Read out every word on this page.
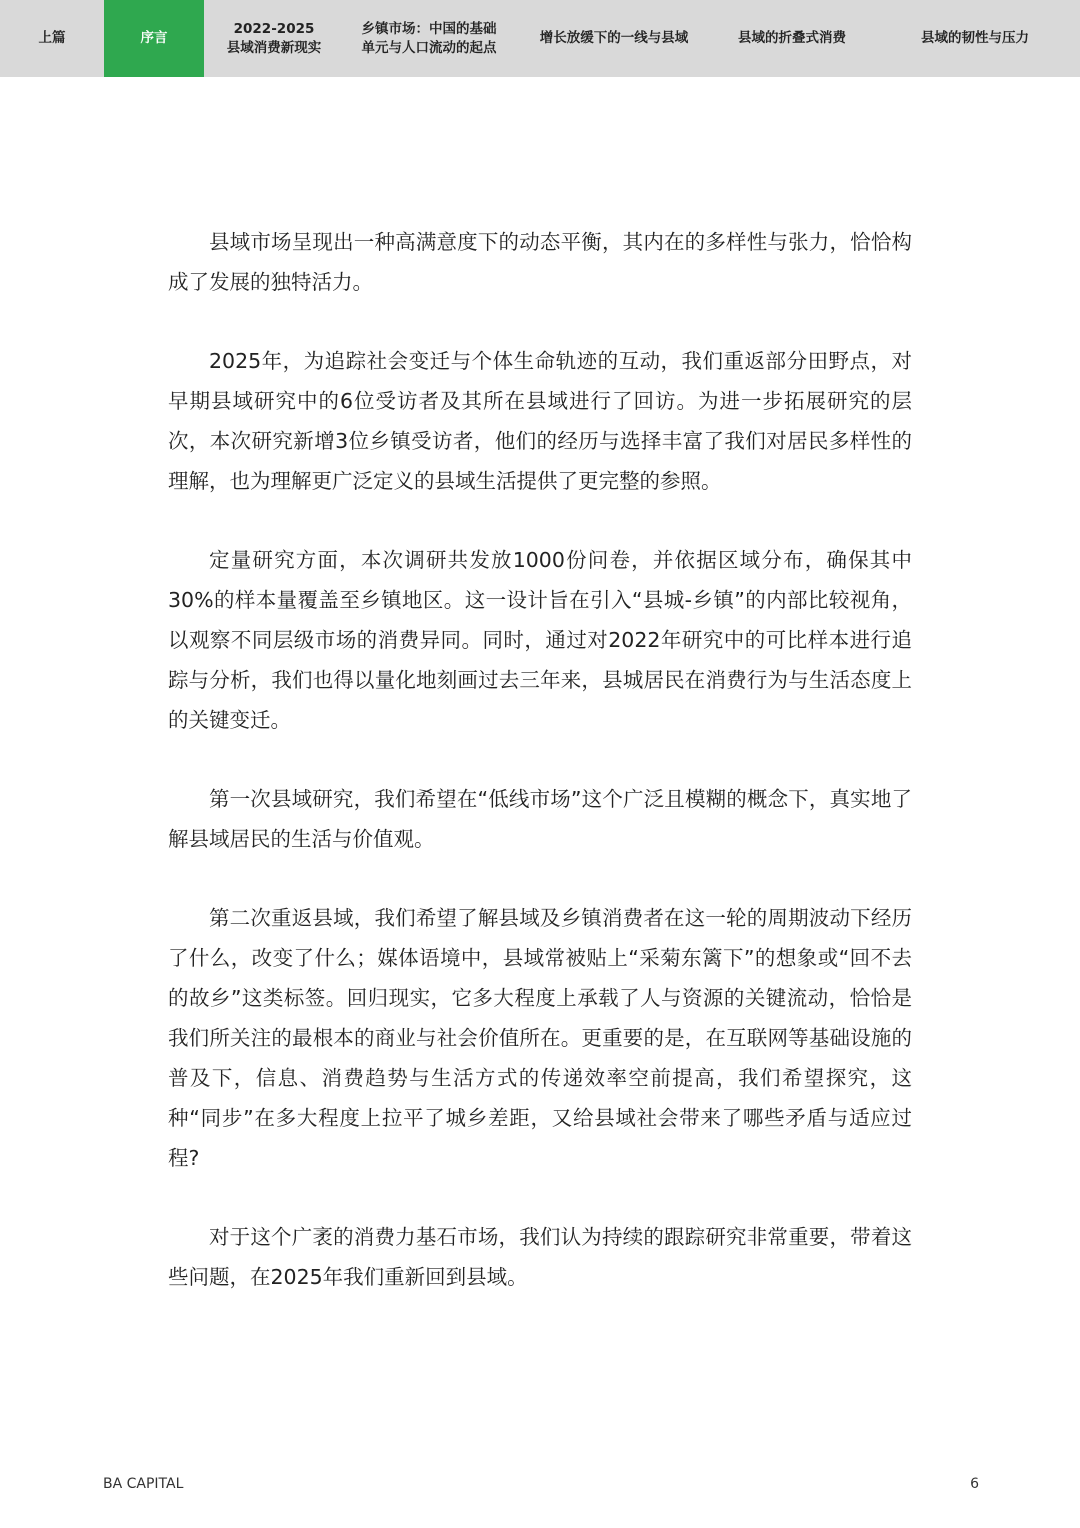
上篇	序言
2022-2025
县域消费新现实
乡镇市场：中国的基础
单元与人口流动的起点
增长放缓下的一线与县域	县域的折叠式消费	县域的韧性与压力

县域市场呈现出一种高满意度下的动态平衡，其内在的多样性与张力，恰恰构成了发展的独特活力。

2025年，为追踪社会变迁与个体生命轨迹的互动，我们重返部分田野点，对早期县域研究中的6位受访者及其所在县域进行了回访。为进一步拓展研究的层次，本次研究新增3位乡镇受访者，他们的经历与选择丰富了我们对居民多样性的理解，也为理解更广泛定义的县域生活提供了更完整的参照。

定量研究方面，本次调研共发放1000份问卷，并依据区域分布，确保其中30%的样本量覆盖至乡镇地区。这一设计旨在引入“县城-乡镇”的内部比较视角，以观察不同层级市场的消费异同。同时，通过对2022年研究中的可比样本进行追踪与分析，我们也得以量化地刻画过去三年来，县城居民在消费行为与生活态度上的关键变迁。

第一次县域研究，我们希望在“低线市场”这个广泛且模糊的概念下，真实地了解县域居民的生活与价值观。

第二次重返县域，我们希望了解县域及乡镇消费者在这一轮的周期波动下经历了什么，改变了什么；媒体语境中，县域常被贴上“采菊东篱下”的想象或“回不去的故乡”这类标签。回归现实，它多大程度上承载了人与资源的关键流动，恰恰是我们所关注的最根本的商业与社会价值所在。更重要的是，在互联网等基础设施的普及下，信息、消费趋势与生活方式的传递效率空前提高，我们希望探究，这种“同步”在多大程度上拉平了城乡差距，又给县域社会带来了哪些矛盾与适应过程?

对于这个广袤的消费力基石市场，我们认为持续的跟踪研究非常重要，带着这些问题，在2025年我们重新回到县域。

BA CAPITAL	6
